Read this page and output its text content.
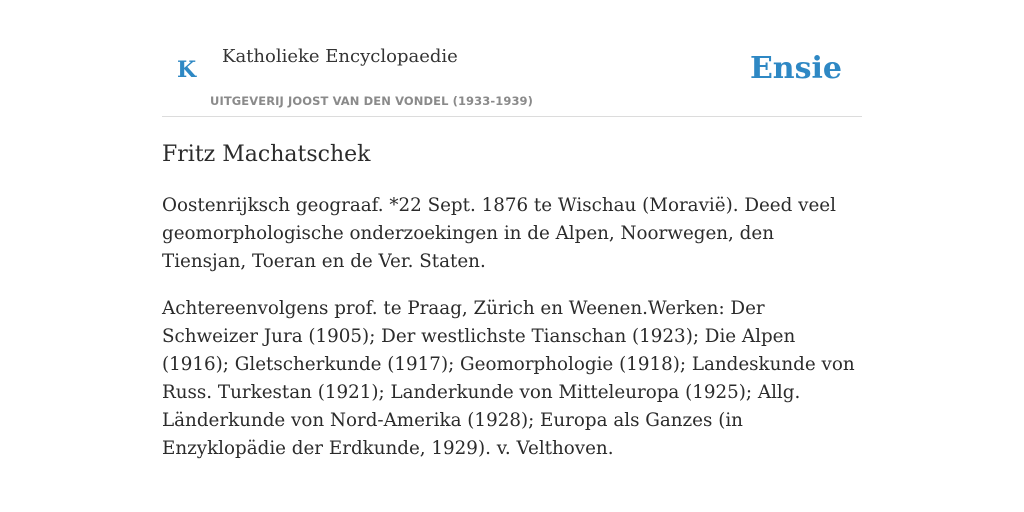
K
Katholieke Encyclopaedie
UITGEVERIJ JOOST VAN DEN VONDEL (1933-1939)
Ensie
Fritz Machatschek

Oostenrijksch geograaf. *22 Sept. 1876 te Wischau (Moravië). Deed veel geomorphologische onderzoekingen in de Alpen, Noorwegen, den Tiensjan, Toeran en de Ver. Staten.

Achtereenvolgens prof. te Praag, Zürich en Weenen.Werken: Der Schweizer Jura (1905); Der westlichste Tianschan (1923); Die Alpen (1916); Gletscherkunde (1917); Geomorphologie (1918); Landeskunde von Russ. Turkestan (1921); Landerkunde von Mitteleuropa (1925); Allg. Länderkunde von Nord-Amerika (1928); Europa als Ganzes (in Enzyklopädie der Erdkunde, 1929). v. Velthoven.
